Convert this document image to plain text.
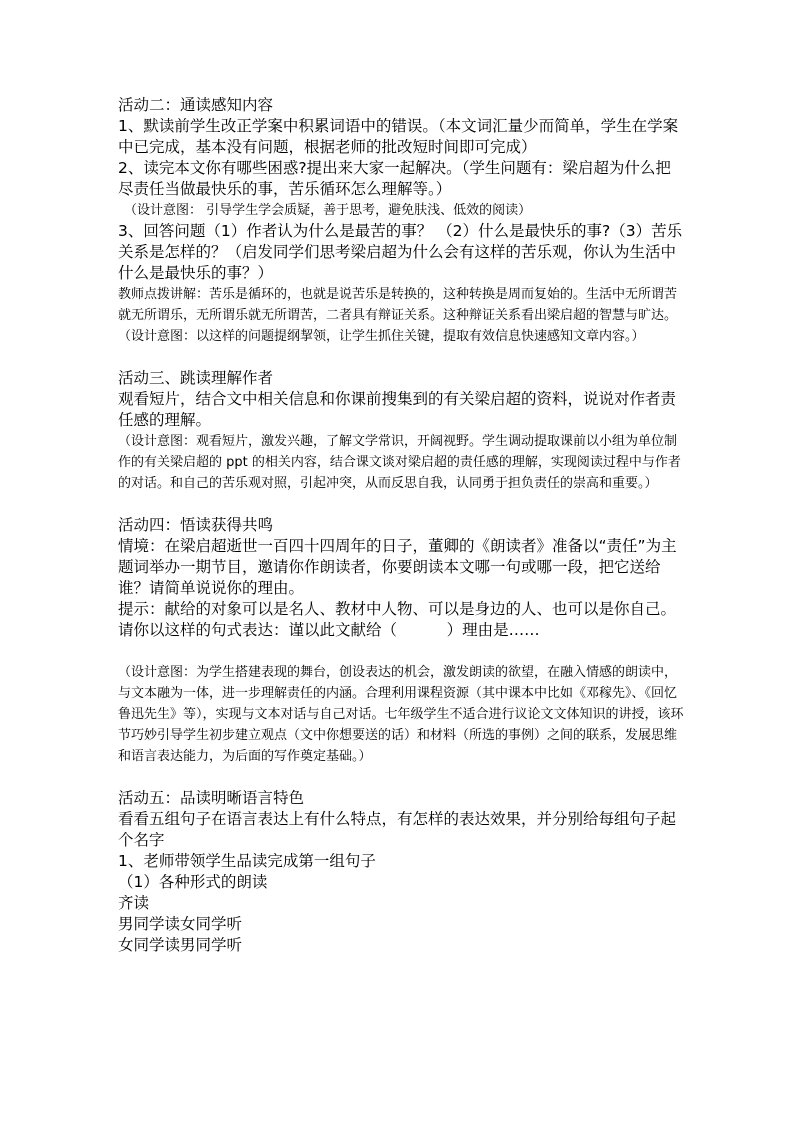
活动二：通读感知内容

1、默读前学生改正学案中积累词语中的错误。（本文词汇量少而简单，学生在学案中已完成，基本没有问题，根据老师的批改短时间即可完成）

2、读完本文你有哪些困惑?提出来大家一起解决。（学生问题有：梁启超为什么把尽责任当做最快乐的事，苦乐循环怎么理解等。）

（设计意图： 引导学生学会质疑，善于思考，避免肤浅、低效的阅读）

3、回答问题（1）作者认为什么是最苦的事？ （2）什么是最快乐的事?（3）苦乐关系是怎样的？（启发同学们思考梁启超为什么会有这样的苦乐观，你认为生活中什么是最快乐的事？）

教师点拨讲解：苦乐是循环的，也就是说苦乐是转换的，这种转换是周而复始的。生活中无所谓苦就无所谓乐，无所谓乐就无所谓苦，二者具有辩证关系。这种辩证关系看出梁启超的智慧与旷达。

（设计意图：以这样的问题提纲挈领，让学生抓住关键，提取有效信息快速感知文章内容。）

活动三、跳读理解作者

观看短片，结合文中相关信息和你课前搜集到的有关梁启超的资料，说说对作者责任感的理解。

（设计意图：观看短片，激发兴趣，了解文学常识，开阔视野。学生调动提取课前以小组为单位制作的有关梁启超的 ppt 的相关内容，结合课文谈对梁启超的责任感的理解，实现阅读过程中与作者的对话。和自己的苦乐观对照，引起冲突，从而反思自我，认同勇于担负责任的崇高和重要。）

活动四：悟读获得共鸣

情境：在梁启超逝世一百四十四周年的日子，董卿的《朗读者》准备以“责任”为主题词举办一期节目，邀请你作朗读者，你要朗读本文哪一句或哪一段，把它送给谁？请简单说说你的理由。

提示：献给的对象可以是名人、教材中人物、可以是身边的人、也可以是你自己。

请你以这样的句式表达：谨以此文献给（	）理由是……

（设计意图：为学生搭建表现的舞台，创设表达的机会，激发朗读的欲望，在融入情感的朗读中，与文本融为一体，进一步理解责任的内涵。合理利用课程资源（其中课本中比如《邓稼先》、《回忆鲁迅先生》等），实现与文本对话与自己对话。七年级学生不适合进行议论文文体知识的讲授，该环节巧妙引导学生初步建立观点（文中你想要送的话）和材料（所选的事例）之间的联系，发展思维和语言表达能力，为后面的写作奠定基础。）

活动五：品读明晰语言特色

看看五组句子在语言表达上有什么特点，有怎样的表达效果，并分别给每组句子起个名字

1、老师带领学生品读完成第一组句子

（1）各种形式的朗读

齐读

男同学读女同学听

女同学读男同学听
